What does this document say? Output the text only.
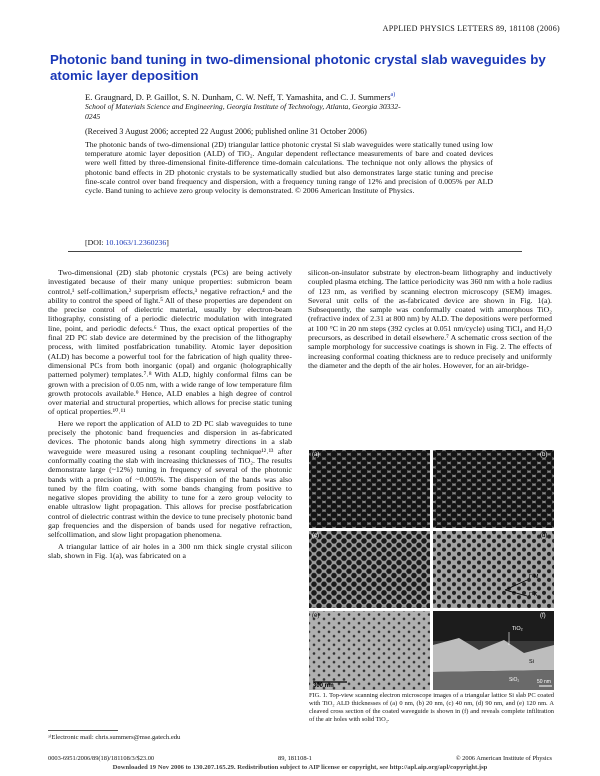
APPLIED PHYSICS LETTERS 89, 181108 (2006)
Photonic band tuning in two-dimensional photonic crystal slab waveguides by atomic layer deposition
E. Graugnard, D. P. Gaillot, S. N. Dunham, C. W. Neff, T. Yamashita, and C. J. Summers$^{a)}$
School of Materials Science and Engineering, Georgia Institute of Technology, Atlanta, Georgia 30332-0245
(Received 3 August 2006; accepted 22 August 2006; published online 31 October 2006)
The photonic bands of two-dimensional (2D) triangular lattice photonic crystal Si slab waveguides were statically tuned using low temperature atomic layer deposition (ALD) of TiO₂. Angular dependent reflectance measurements of bare and coated devices were well fitted by three-dimensional finite-difference time-domain calculations. The technique not only allows the physics of photonic band effects in 2D photonic crystals to be systematically studied but also demonstrates large static tuning and precise fine-scale control over band frequency and dispersion, with a frequency tuning range of 12% and precision of 0.005% per ALD cycle. Band tuning to achieve zero group velocity is demonstrated. © 2006 American Institute of Physics.
[DOI: 10.1063/1.2360236]

Two-dimensional (2D) slab photonic crystals (PCs) are being actively investigated because of their many unique properties: submicron beam control,¹ self-collimation,² superprism effects,³ negative refraction,⁴ and the ability to control the speed of light.⁵ All of these properties are dependent on the precise control of dielectric material, usually by electron-beam lithography, consisting of a periodic dielectric modulation with integrated line, point, and periodic defects.⁶ Thus, the exact optical properties of the final 2D PC slab device are determined by the precision of the lithography process, with limited postfabrication tunability. Atomic layer deposition (ALD) has become a powerful tool for the fabrication of high quality three-dimensional PCs from both inorganic (opal) and organic (holographically patterned polymer) templates.⁷˒⁸ With ALD, highly conformal films can be grown with a precision of 0.05 nm, with a wide range of low temperature film growth protocols available.⁹ Hence, ALD enables a high degree of control over material and structural properties, which allows for precise static tuning of optical properties.¹⁰˒¹¹

Here we report the application of ALD to 2D PC slab waveguides to tune precisely the photonic band frequencies and dispersion in as-fabricated devices. The photonic bands along high symmetry directions in a slab waveguide were measured using a resonant coupling technique¹²˒¹³ after conformally coating the slab with increasing thicknesses of TiO₂. The results demonstrate large (~12%) tuning in frequency of several of the photonic bands with a precision of ~0.005%. The dispersion of the bands was also tuned by the film coating, with some bands changing from positive to negative slopes providing the ability to tune for a zero group velocity to enable ultraslow light propagation. This allows for precise postfabrication control of dielectric contrast within the device to tune precisely photonic band gap frequencies and the dispersion of bands used for negative refraction, selfcollimation, and slow light propagation phenomena.

A triangular lattice of air holes in a 300 nm thick single crystal silicon slab, shown in Fig. 1(a), was fabricated on a

silicon-on-insulator substrate by electron-beam lithography and inductively coupled plasma etching. The lattice periodicity was 360 nm with a hole radius of 123 nm, as verified by scanning electron microscopy (SEM) images. Several unit cells of the as-fabricated device are shown in Fig. 1(a). Subsequently, the sample was conformally coated with amorphous TiO₂ (refractive index of 2.31 at 800 nm) by ALD. The depositions were performed at 100 °C in 20 nm steps (392 cycles at 0.051 nm/cycle) using TiCl₄ and H₂O precursors, as described in detail elsewhere.⁷ A schematic cross section of the sample morphology for successive coatings is shown in Fig. 2. The effects of increasing conformal coating thickness are to reduce precisely and uniformly the diameter and the depth of the air holes. However, for an air-bridge-

(a)	(b)
(c)	(d)
(e)	(f)
Γ-M
Γ-K
300 nm
TiO₂
Si
SiO₂	50 nm
FIG. 1. Top-view scanning electron microscope images of a triangular lattice Si slab PC coated with TiO₂ ALD thicknesses of (a) 0 nm, (b) 20 nm, (c) 40 nm, (d) 90 nm, and (e) 120 nm. A cleaved cross section of the coated waveguide is shown in (f) and reveals complete infiltration of the air holes with solid TiO₂.
ᵃ⁾Electronic mail: chris.summers@mse.gatech.edu
0003-6951/2006/89(18)/181108/3/$23.00	89, 181108-1	© 2006 American Institute of Physics
Downloaded 19 Nov 2006 to 130.207.165.29. Redistribution subject to AIP license or copyright, see http://apl.aip.org/apl/copyright.jsp
